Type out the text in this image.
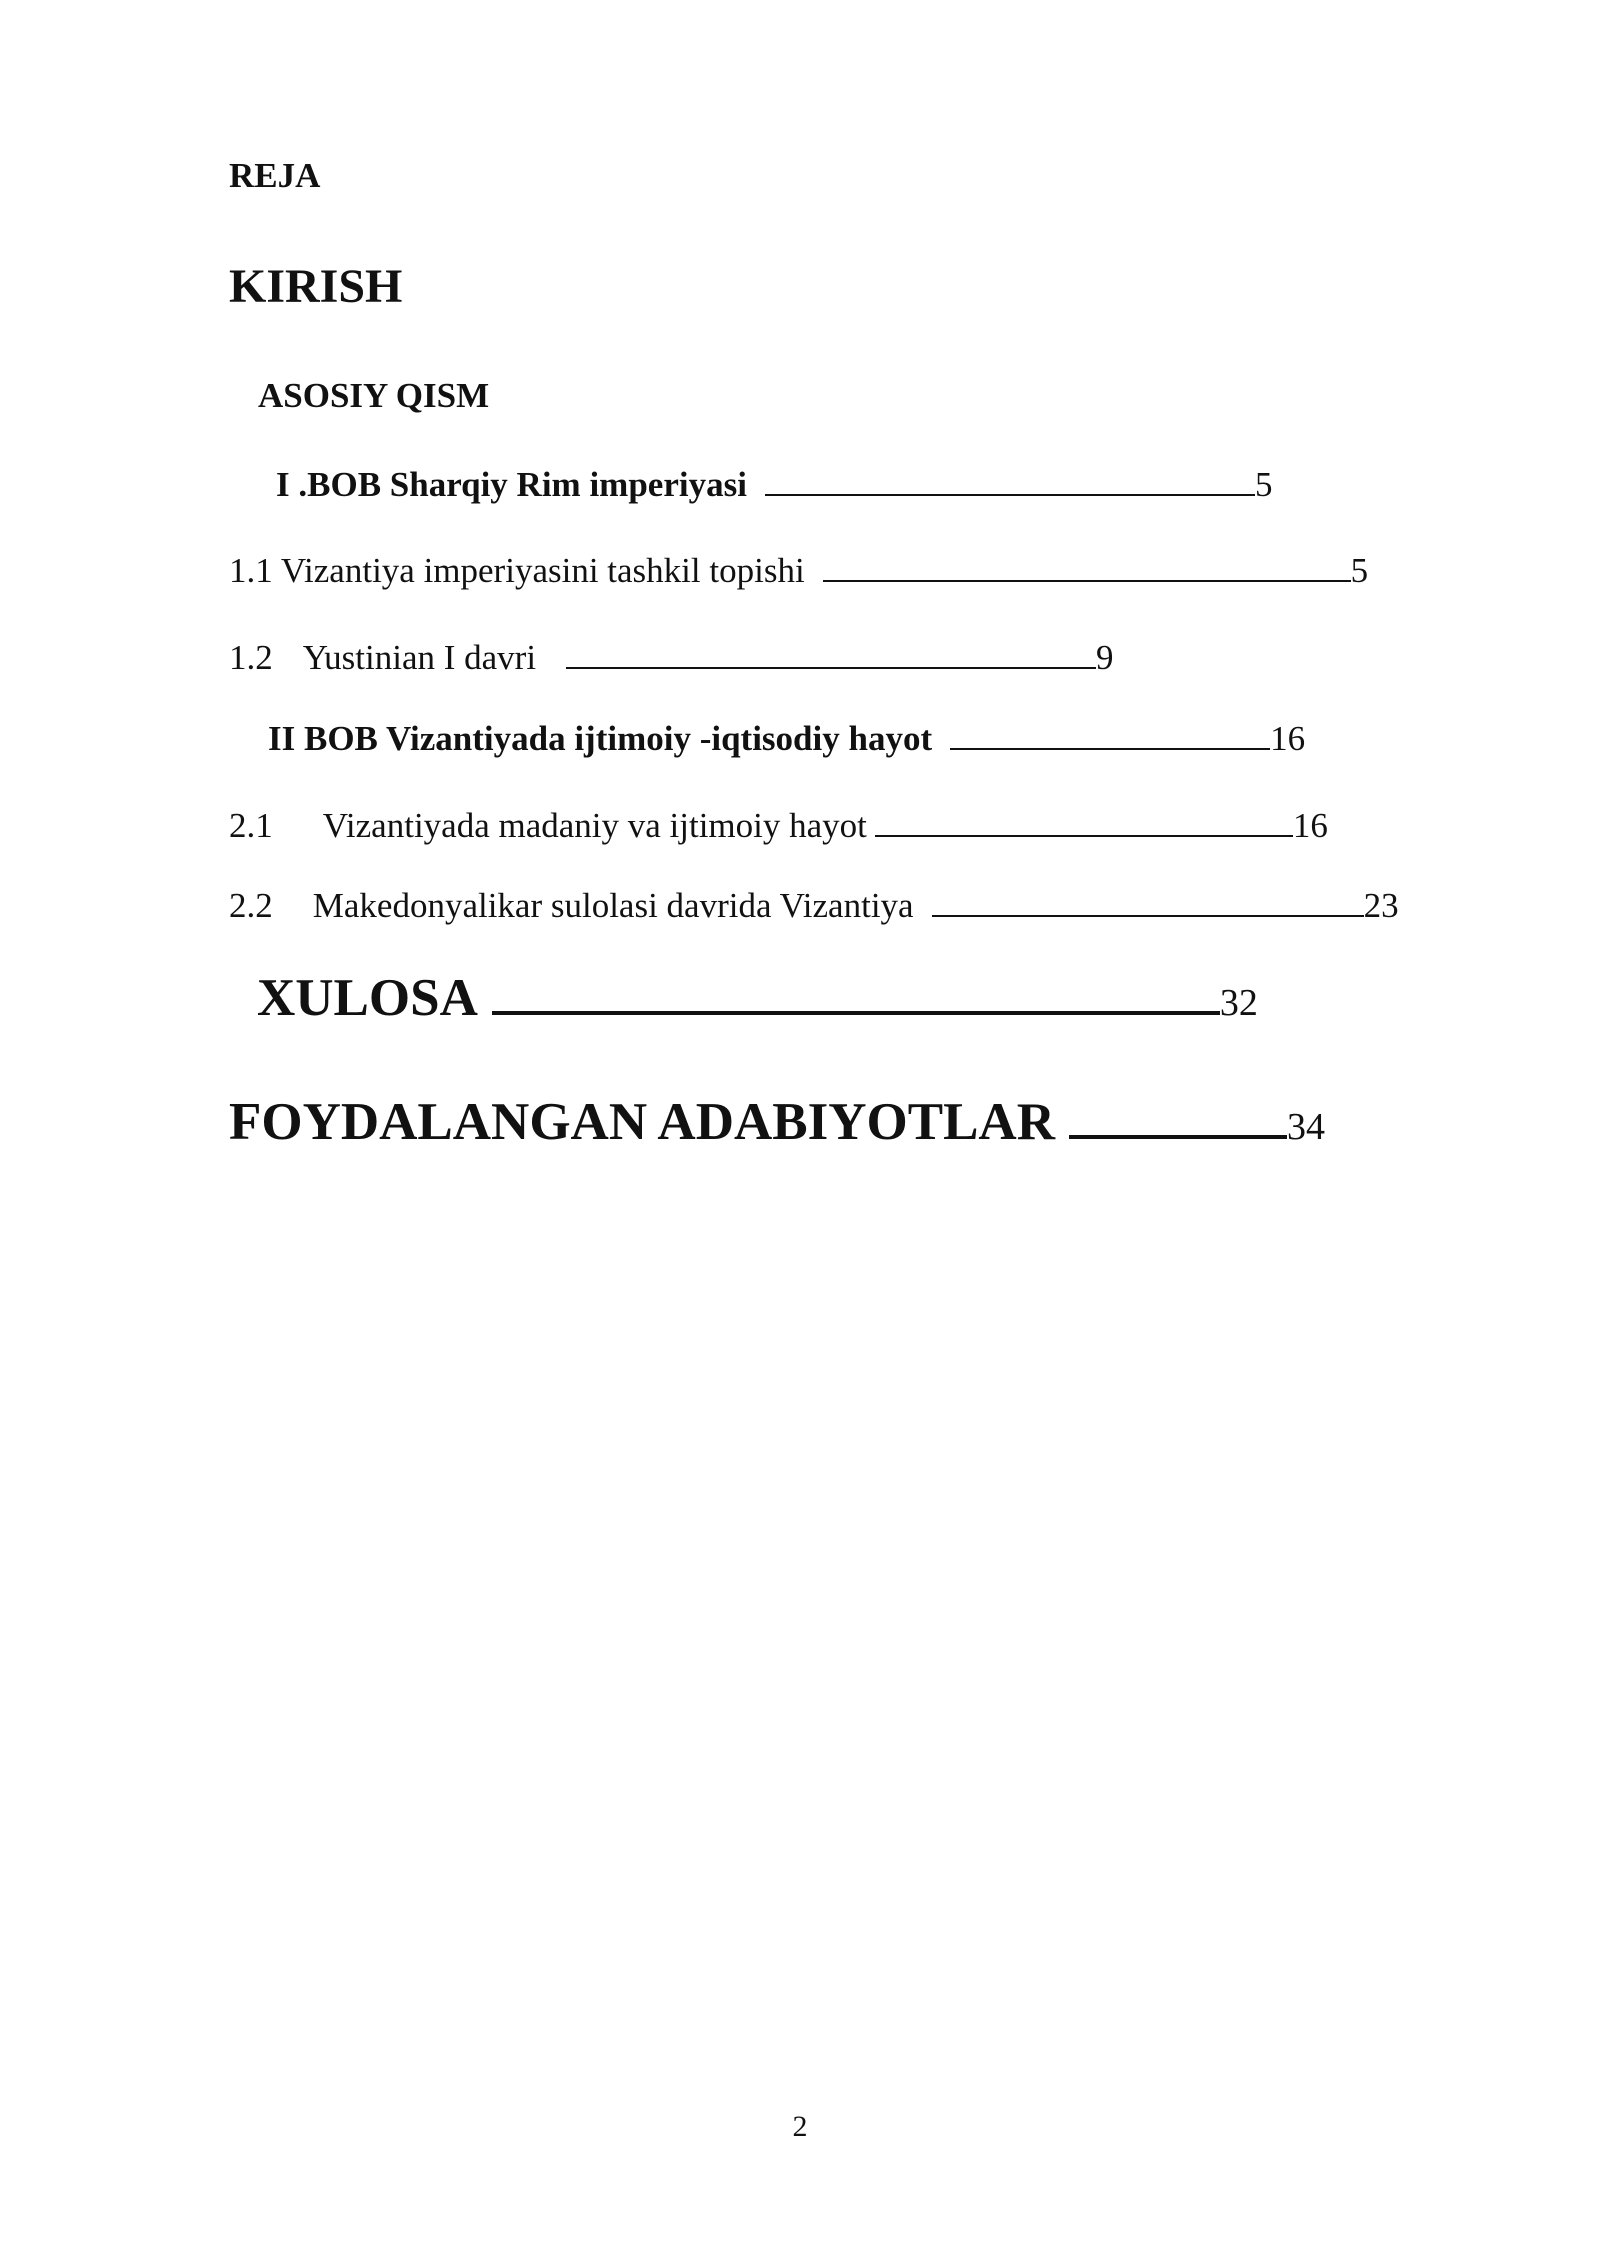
REJA
KIRISH
ASOSIY QISM
I .BOB Sharqiy Rim imperiyasi	5
1.1 Vizantiya imperiyasini tashkil topishi	5
1.2 Yustinian I davri	9
II BOB Vizantiyada ijtimoiy -iqtisodiy hayot	16
2.1 Vizantiyada madaniy va ijtimoiy hayot	16
2.2 Makedonyalikar sulolasi davrida Vizantiya	23
XULOSA	32
FOYDALANGAN ADABIYOTLAR	34
2
